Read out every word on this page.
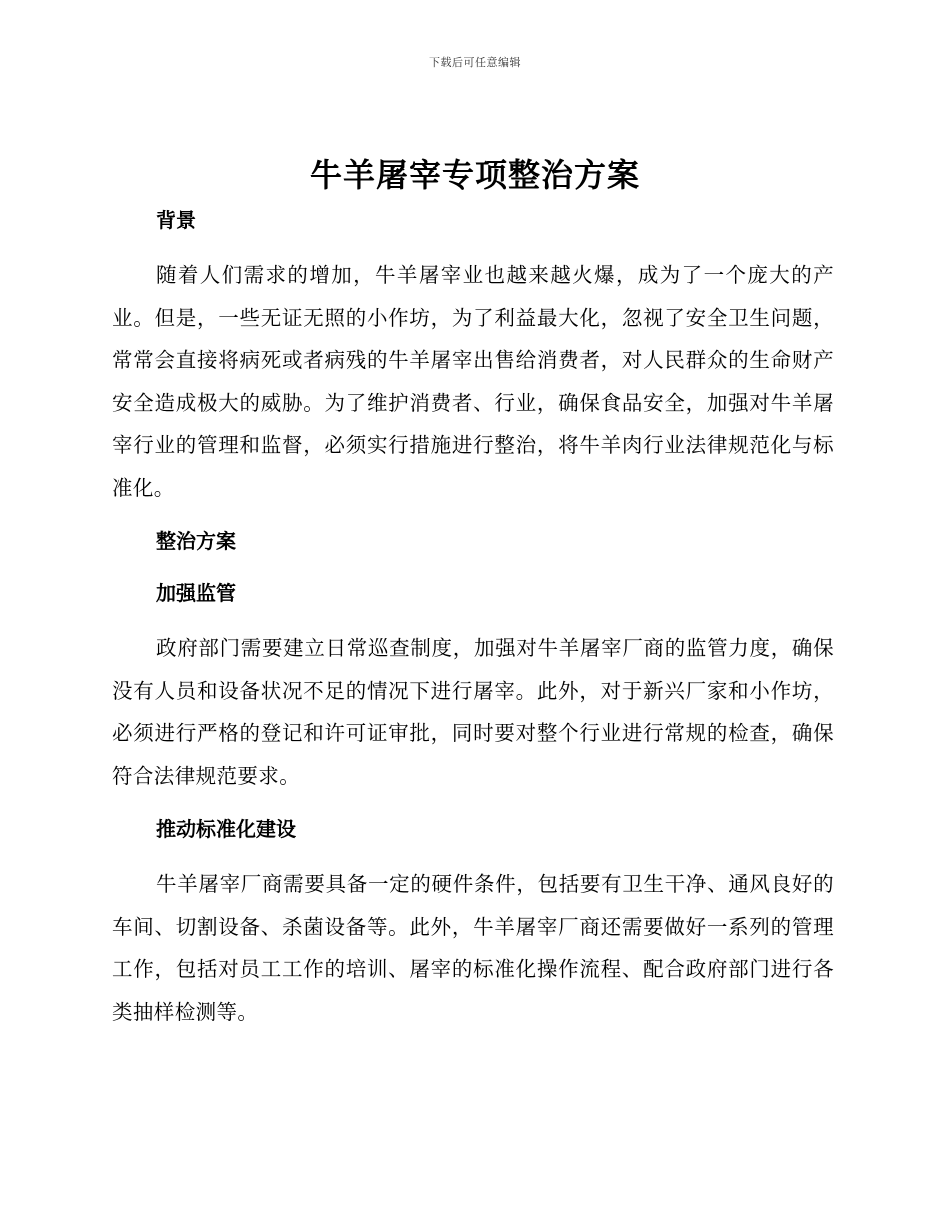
下载后可任意编辑
牛羊屠宰专项整治方案
背景

随着人们需求的增加，牛羊屠宰业也越来越火爆，成为了一个庞大的产业。但是，一些无证无照的小作坊，为了利益最大化，忽视了安全卫生问题，常常会直接将病死或者病残的牛羊屠宰出售给消费者，对人民群众的生命财产安全造成极大的威胁。为了维护消费者、行业，确保食品安全，加强对牛羊屠宰行业的管理和监督，必须实行措施进行整治，将牛羊肉行业法律规范化与标准化。

整治方案
加强监管

政府部门需要建立日常巡查制度，加强对牛羊屠宰厂商的监管力度，确保没有人员和设备状况不足的情况下进行屠宰。此外，对于新兴厂家和小作坊，必须进行严格的登记和许可证审批，同时要对整个行业进行常规的检查，确保符合法律规范要求。

推动标准化建设

牛羊屠宰厂商需要具备一定的硬件条件，包括要有卫生干净、通风良好的车间、切割设备、杀菌设备等。此外，牛羊屠宰厂商还需要做好一系列的管理工作，包括对员工工作的培训、屠宰的标准化操作流程、配合政府部门进行各类抽样检测等。
